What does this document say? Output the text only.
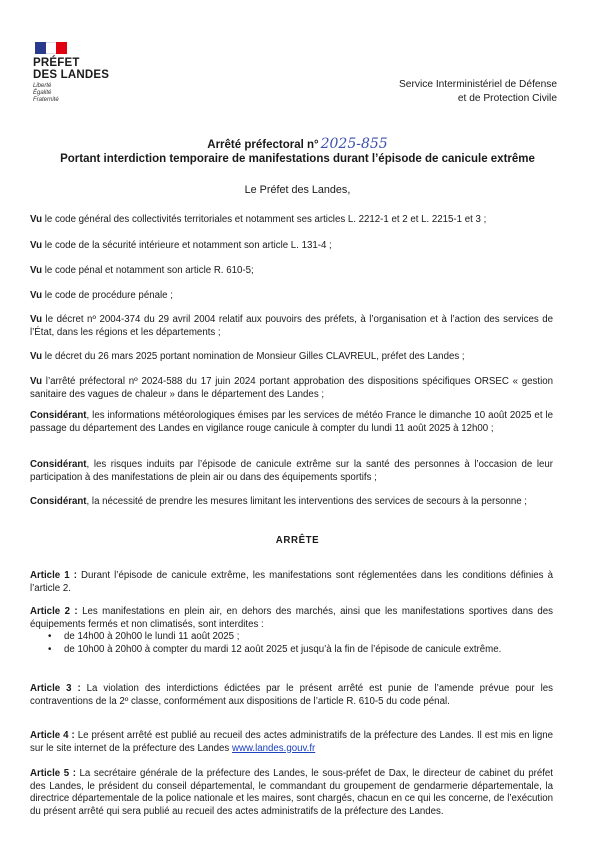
PRÉFET
DES LANDES
Liberté
Égalité
Fraternité
Service Interministériel de Défense
et de Protection Civile
Arrêté préfectoral n° 2025-855
Portant interdiction temporaire de manifestations durant l’épisode de canicule extrême
Le Préfet des Landes,

Vu le code général des collectivités territoriales et notamment ses articles L. 2212-1 et 2 et L. 2215-1 et 3 ;

Vu le code de la sécurité intérieure et notamment son article L. 131-4 ;

Vu le code pénal et notamment son article R. 610-5;

Vu le code de procédure pénale ;

Vu le décret nº 2004-374 du 29 avril 2004 relatif aux pouvoirs des préfets, à l’organisation et à l’action des services de l’État, dans les régions et les départements ;

Vu le décret du 26 mars 2025 portant nomination de Monsieur Gilles CLAVREUL, préfet des Landes ;

Vu l’arrêté préfectoral nº 2024-588 du 17 juin 2024 portant approbation des dispositions spécifiques ORSEC « gestion sanitaire des vagues de chaleur » dans le département des Landes ;

Considérant, les informations météorologiques émises par les services de météo France le dimanche 10 août 2025 et le passage du département des Landes en vigilance rouge canicule à compter du lundi 11 août 2025 à 12h00 ;

Considérant, les risques induits par l’épisode de canicule extrême sur la santé des personnes à l’occasion de leur participation à des manifestations de plein air ou dans des équipements sportifs ;

Considérant, la nécessité de prendre les mesures limitant les interventions des services de secours à la personne ;

ARRÊTE

Article 1 : Durant l’épisode de canicule extrême, les manifestations sont réglementées dans les conditions définies à l’article 2.

Article 2 : Les manifestations en plein air, en dehors des marchés, ainsi que les manifestations sportives dans des équipements fermés et non climatisés, sont interdites :

• de 14h00 à 20h00 le lundi 11 août 2025 ;
• de 10h00 à 20h00 à compter du mardi 12 août 2025 et jusqu’à la fin de l’épisode de canicule extrême.

Article 3 : La violation des interdictions édictées par le présent arrêté est punie de l’amende prévue pour les contraventions de la 2º classe, conformément aux dispositions de l’article R. 610-5 du code pénal.

Article 4 : Le présent arrêté est publié au recueil des actes administratifs de la préfecture des Landes. Il est mis en ligne sur le site internet de la préfecture des Landes www.landes.gouv.fr

Article 5 : La secrétaire générale de la préfecture des Landes, le sous-préfet de Dax, le directeur de cabinet du préfet des Landes, le président du conseil départemental, le commandant du groupement de gendarmerie départementale, la directrice départementale de la police nationale et les maires, sont chargés, chacun en ce qui les concerne, de l’exécution du présent arrêté qui sera publié au recueil des actes administratifs de la préfecture des Landes.
